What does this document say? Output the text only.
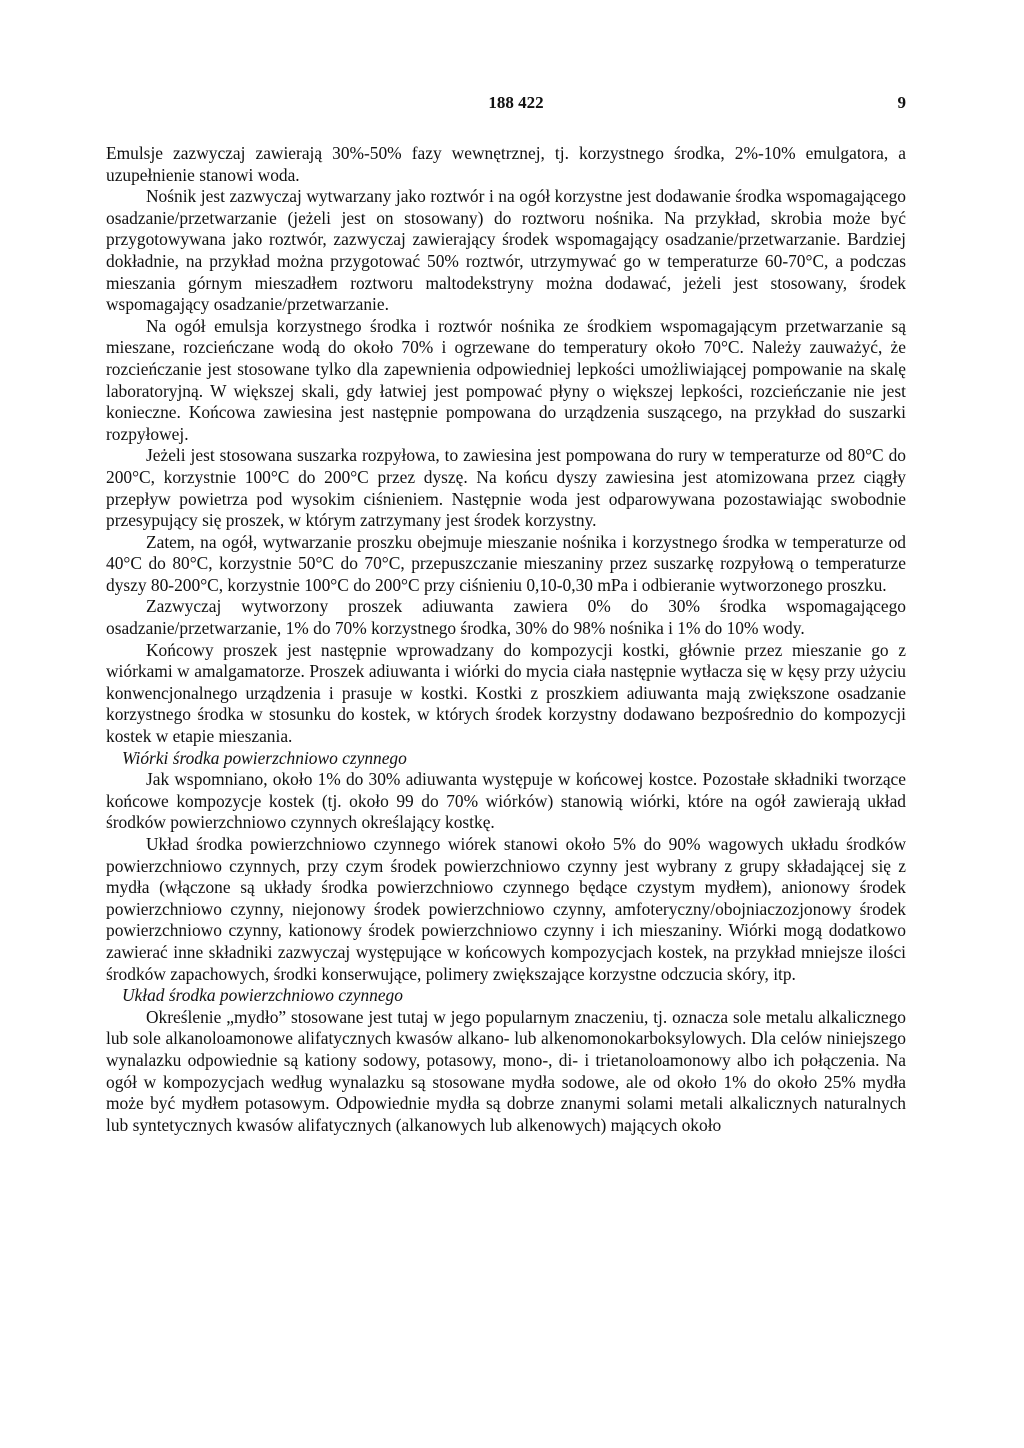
188 422	9

Emulsje zazwyczaj zawierają 30%-50% fazy wewnętrznej, tj. korzystnego środka, 2%-10% emulgatora, a uzupełnienie stanowi woda.

Nośnik jest zazwyczaj wytwarzany jako roztwór i na ogół korzystne jest dodawanie środka wspomagającego osadzanie/przetwarzanie (jeżeli jest on stosowany) do roztworu nośnika. Na przykład, skrobia może być przygotowywana jako roztwór, zazwyczaj zawierający środek wspomagający osadzanie/przetwarzanie. Bardziej dokładnie, na przykład można przygotować 50% roztwór, utrzymywać go w temperaturze 60-70°C, a podczas mieszania górnym mieszadłem roztworu maltodekstryny można dodawać, jeżeli jest stosowany, środek wspomagający osadzanie/przetwarzanie.

Na ogół emulsja korzystnego środka i roztwór nośnika ze środkiem wspomagającym przetwarzanie są mieszane, rozcieńczane wodą do około 70% i ogrzewane do temperatury około 70°C. Należy zauważyć, że rozcieńczanie jest stosowane tylko dla zapewnienia odpowiedniej lepkości umożliwiającej pompowanie na skalę laboratoryjną. W większej skali, gdy łatwiej jest pompować płyny o większej lepkości, rozcieńczanie nie jest konieczne. Końcowa zawiesina jest następnie pompowana do urządzenia suszącego, na przykład do suszarki rozpyłowej.

Jeżeli jest stosowana suszarka rozpyłowa, to zawiesina jest pompowana do rury w temperaturze od 80°C do 200°C, korzystnie 100°C do 200°C przez dyszę. Na końcu dyszy zawiesina jest atomizowana przez ciągły przepływ powietrza pod wysokim ciśnieniem. Następnie woda jest odparowywana pozostawiając swobodnie przesypujący się proszek, w którym zatrzymany jest środek korzystny.

Zatem, na ogół, wytwarzanie proszku obejmuje mieszanie nośnika i korzystnego środka w temperaturze od 40°C do 80°C, korzystnie 50°C do 70°C, przepuszczanie mieszaniny przez suszarkę rozpyłową o temperaturze dyszy 80-200°C, korzystnie 100°C do 200°C przy ciśnieniu 0,10-0,30 mPa i odbieranie wytworzonego proszku.

Zazwyczaj wytworzony proszek adiuwanta zawiera 0% do 30% środka wspomagającego osadzanie/przetwarzanie, 1% do 70% korzystnego środka, 30% do 98% nośnika i 1% do 10% wody.

Końcowy proszek jest następnie wprowadzany do kompozycji kostki, głównie przez mieszanie go z wiórkami w amalgamatorze. Proszek adiuwanta i wiórki do mycia ciała następnie wytłacza się w kęsy przy użyciu konwencjonalnego urządzenia i prasuje w kostki. Kostki z proszkiem adiuwanta mają zwiększone osadzanie korzystnego środka w stosunku do kostek, w których środek korzystny dodawano bezpośrednio do kompozycji kostek w etapie mieszania.

Wiórki środka powierzchniowo czynnego

Jak wspomniano, około 1% do 30% adiuwanta występuje w końcowej kostce. Pozostałe składniki tworzące końcowe kompozycje kostek (tj. około 99 do 70% wiórków) stanowią wiórki, które na ogół zawierają układ środków powierzchniowo czynnych określający kostkę.

Układ środka powierzchniowo czynnego wiórek stanowi około 5% do 90% wagowych układu środków powierzchniowo czynnych, przy czym środek powierzchniowo czynny jest wybrany z grupy składającej się z mydła (włączone są układy środka powierzchniowo czynnego będące czystym mydłem), anionowy środek powierzchniowo czynny, niejonowy środek powierzchniowo czynny, amfoteryczny/obojniaczozjonowy środek powierzchniowo czynny, kationowy środek powierzchniowo czynny i ich mieszaniny. Wiórki mogą dodatkowo zawierać inne składniki zazwyczaj występujące w końcowych kompozycjach kostek, na przykład mniejsze ilości środków zapachowych, środki konserwujące, polimery zwiększające korzystne odczucia skóry, itp.

Układ środka powierzchniowo czynnego

Określenie „mydło” stosowane jest tutaj w jego popularnym znaczeniu, tj. oznacza sole metalu alkalicznego lub sole alkanoloamonowe alifatycznych kwasów alkano- lub alkenomonokarboksylowych. Dla celów niniejszego wynalazku odpowiednie są kationy sodowy, potasowy, mono-, di- i trietanoloamonowy albo ich połączenia. Na ogół w kompozycjach według wynalazku są stosowane mydła sodowe, ale od około 1% do około 25% mydła może być mydłem potasowym. Odpowiednie mydła są dobrze znanymi solami metali alkalicznych naturalnych lub syntetycznych kwasów alifatycznych (alkanowych lub alkenowych) mających około
